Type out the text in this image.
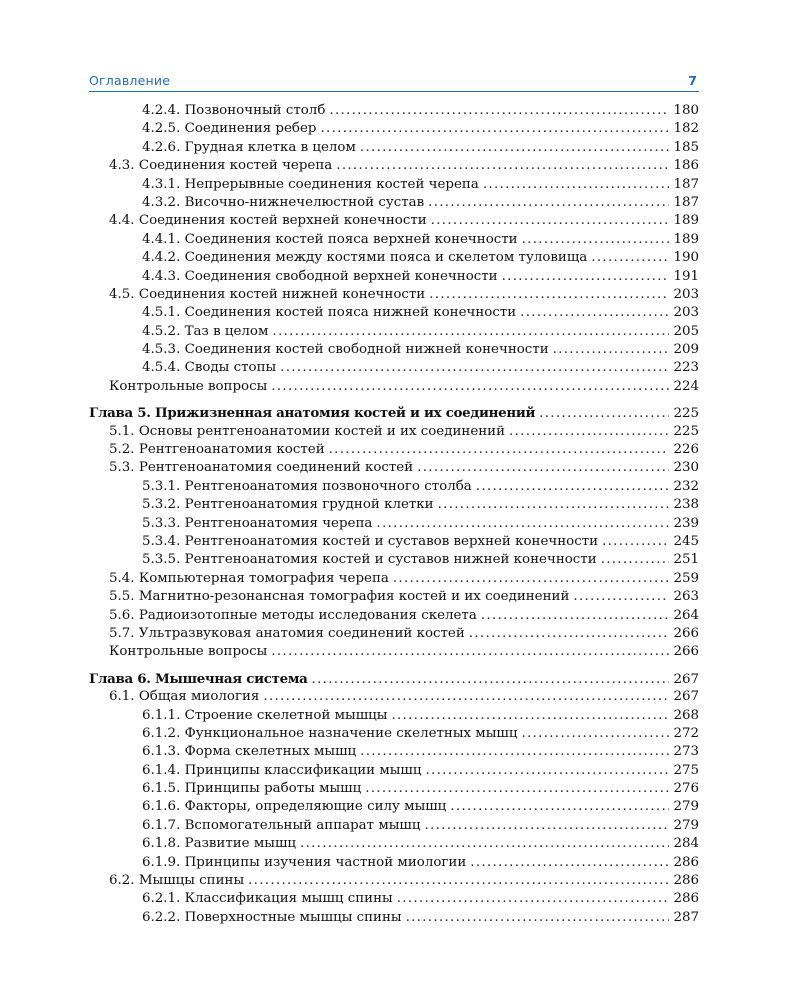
Оглавление	7
4.2.4. Позвоночный столб .....	180
4.2.5. Соединения ребер .....	182
4.2.6. Грудная клетка в целом .....	185
4.3. Соединения костей черепа .....	186
4.3.1. Непрерывные соединения костей черепа .....	187
4.3.2. Височно-нижнечелюстной сустав .....	187
4.4. Соединения костей верхней конечности .....	189
4.4.1. Соединения костей пояса верхней конечности .....	189
4.4.2. Соединения между костями пояса и скелетом туловища .....	190
4.4.3. Соединения свободной верхней конечности .....	191
4.5. Соединения костей нижней конечности .....	203
4.5.1. Соединения костей пояса нижней конечности .....	203
4.5.2. Таз в целом .....	205
4.5.3. Соединения костей свободной нижней конечности .....	209
4.5.4. Своды стопы .....	223
Контрольные вопросы .....	224
Глава 5. Прижизненная анатомия костей и их соединений .....	225
5.1. Основы рентгеноанатомии костей и их соединений .....	225
5.2. Рентгеноанатомия костей .....	226
5.3. Рентгеноанатомия соединений костей .....	230
5.3.1. Рентгеноанатомия позвоночного столба .....	232
5.3.2. Рентгеноанатомия грудной клетки .....	238
5.3.3. Рентгеноанатомия черепа .....	239
5.3.4. Рентгеноанатомия костей и суставов верхней конечности .....	245
5.3.5. Рентгеноанатомия костей и суставов нижней конечности .....	251
5.4. Компьютерная томография черепа .....	259
5.5. Магнитно-резонансная томография костей и их соединений .....	263
5.6. Радиоизотопные методы исследования скелета .....	264
5.7. Ультразвуковая анатомия соединений костей .....	266
Контрольные вопросы .....	266
Глава 6. Мышечная система .....	267
6.1. Общая миология .....	267
6.1.1. Строение скелетной мышцы .....	268
6.1.2. Функциональное назначение скелетных мышц .....	272
6.1.3. Форма скелетных мышц .....	273
6.1.4. Принципы классификации мышц .....	275
6.1.5. Принципы работы мышц .....	276
6.1.6. Факторы, определяющие силу мышц .....	279
6.1.7. Вспомогательный аппарат мышц .....	279
6.1.8. Развитие мышц .....	284
6.1.9. Принципы изучения частной миологии .....	286
6.2. Мышцы спины .....	286
6.2.1. Классификация мышц спины .....	286
6.2.2. Поверхностные мышцы спины .....	287
